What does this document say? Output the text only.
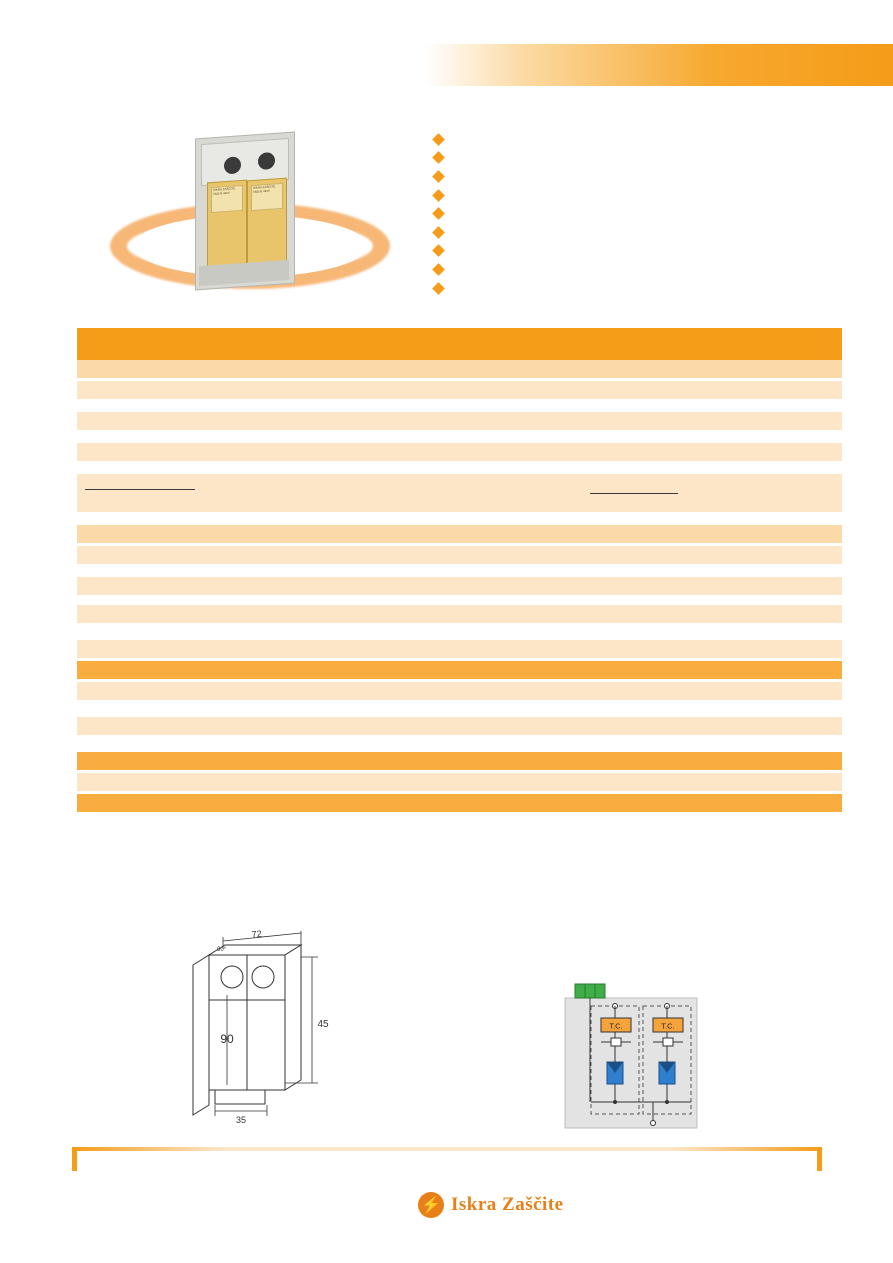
ISKRA ZAŠČITE VM2-B 440V
ISKRA ZAŠČITE VM2-B 440V
72
90
45
35
90°
T.C.	T.C.
⚡ Iskra Zaščite
